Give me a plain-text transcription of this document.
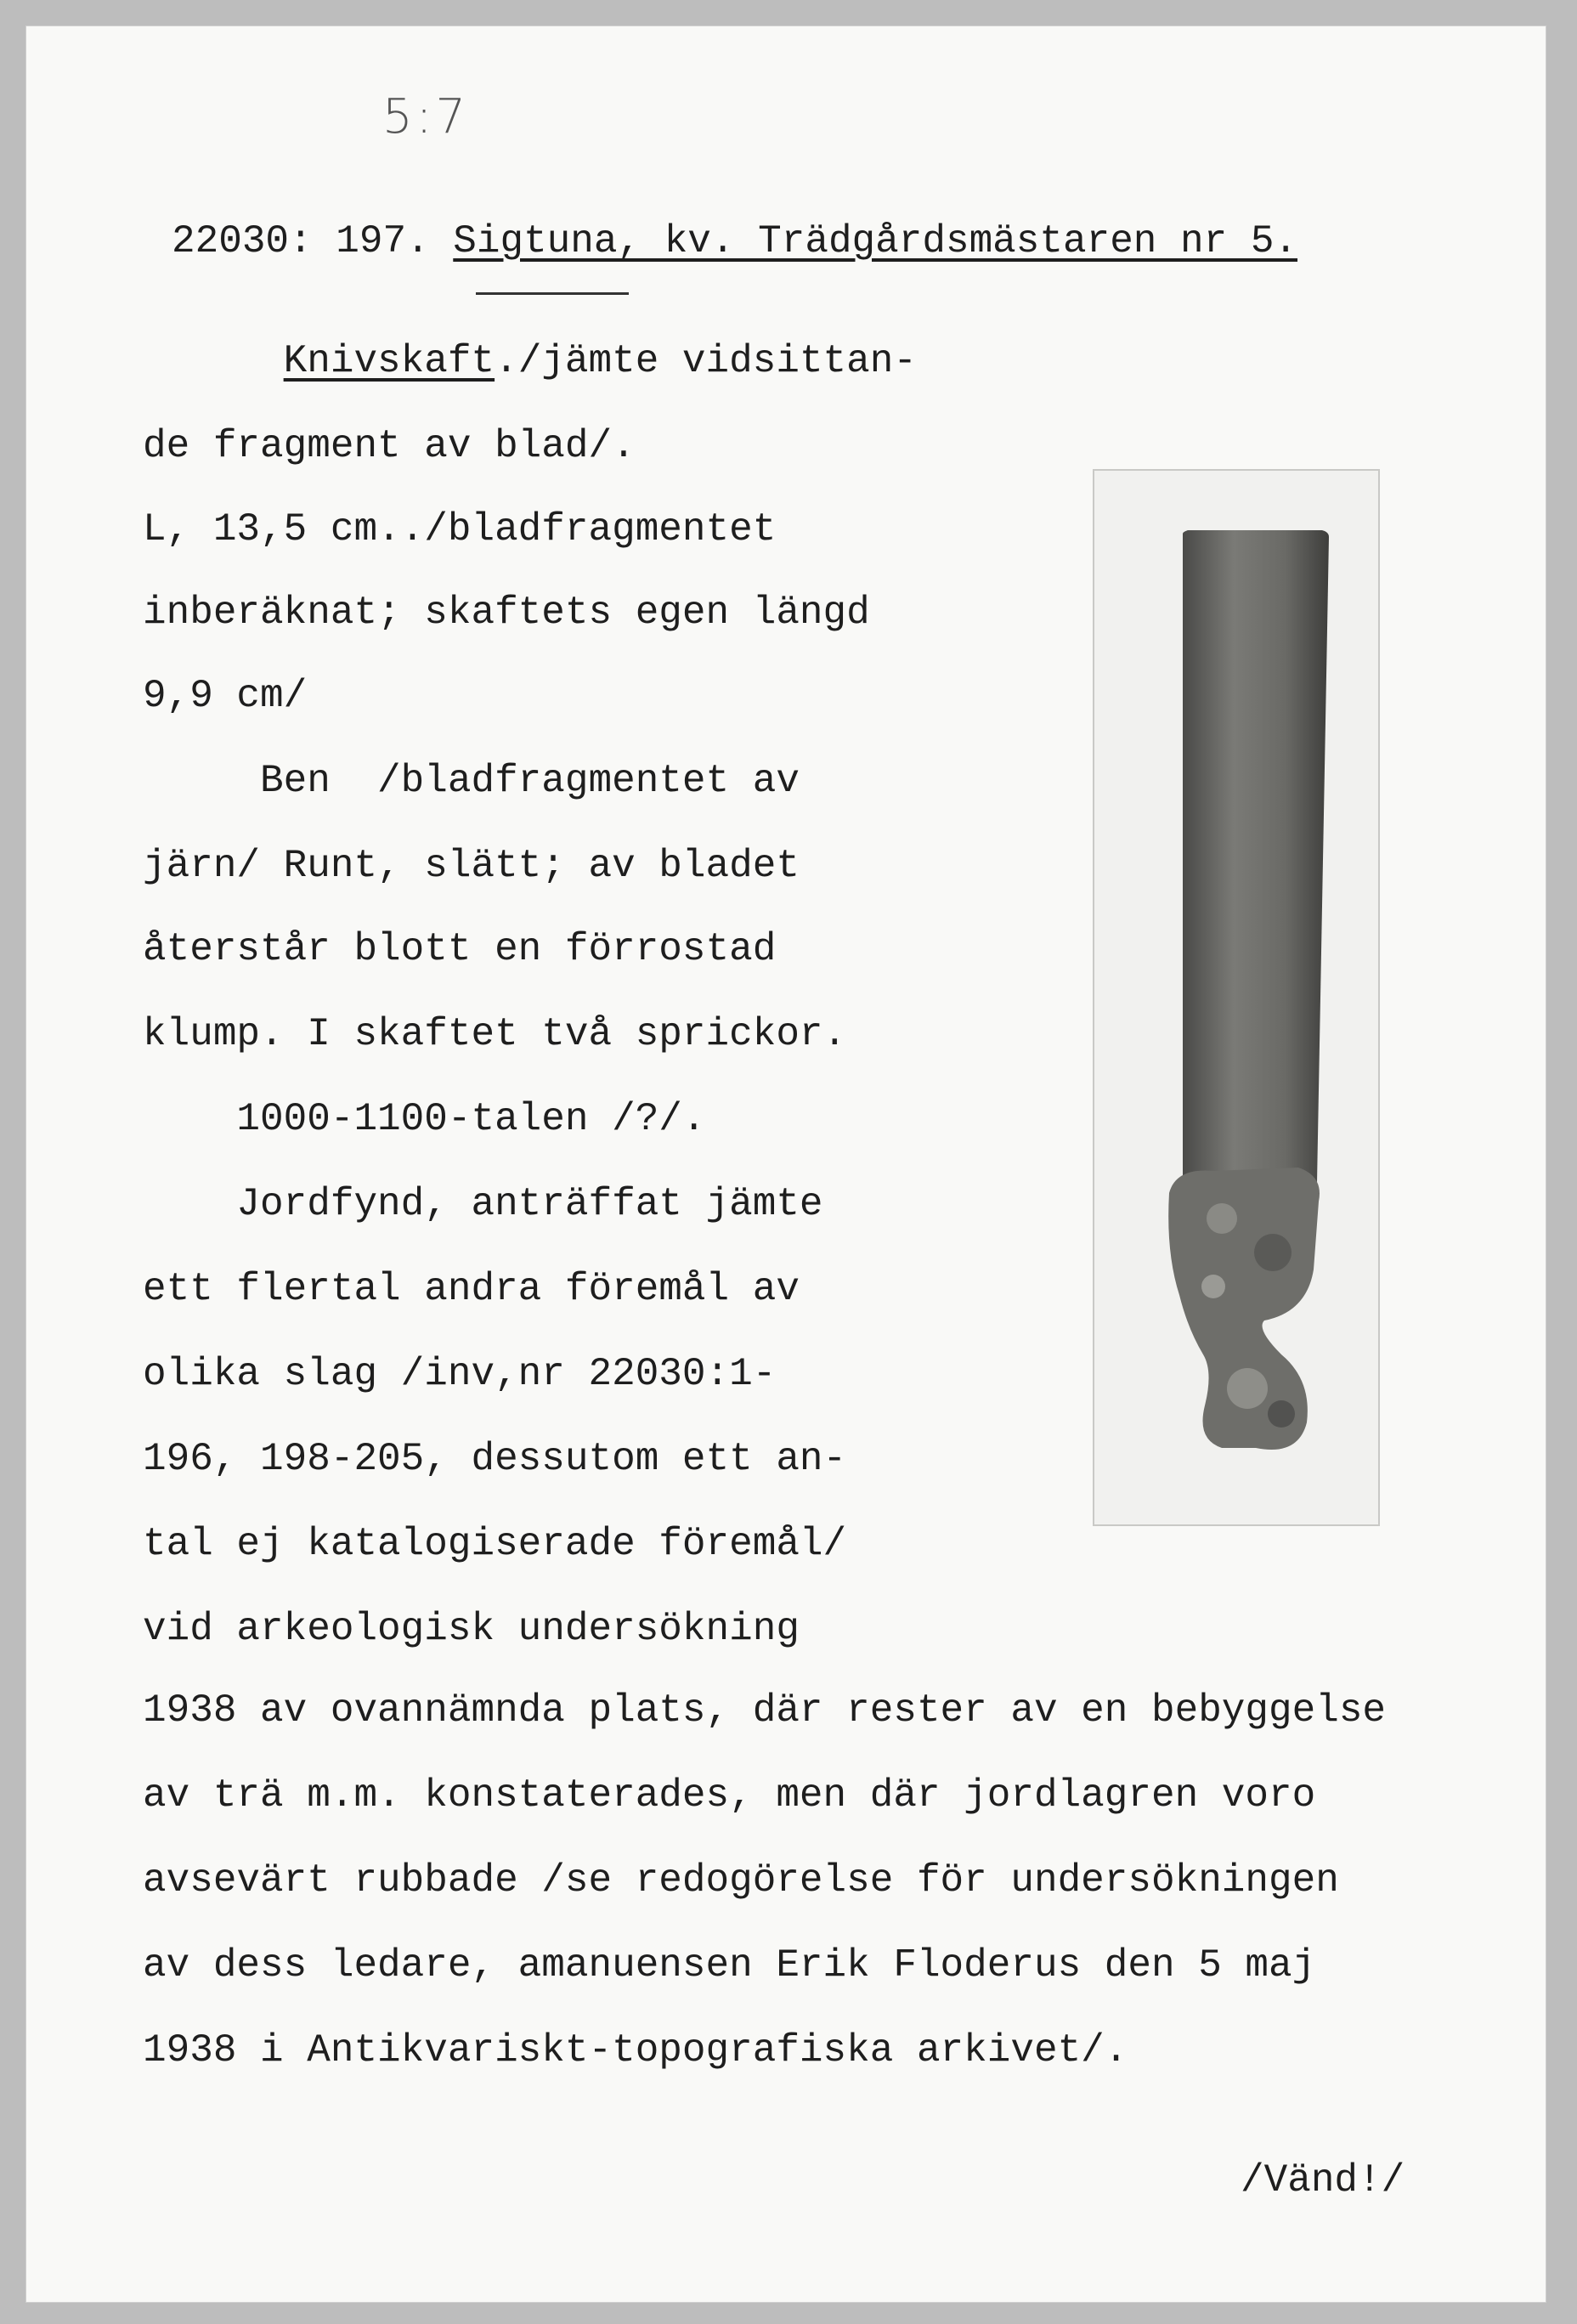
5:7
22030: 197. Sigtuna, kv. Trädgårdsmästaren nr 5.
Knivskaft./jämte vidsittan-
de fragment av blad/.
L, 13,5 cm../bladfragmentet
inberäknat; skaftets egen längd
9,9 cm/
Ben  /bladfragmentet av
järn/ Runt, slätt; av bladet
återstår blott en förrostad
klump. I skaftet två sprickor.
1000-1100-talen /?/.
Jordfynd, anträffat jämte
ett flertal andra föremål av
olika slag /inv,nr 22030:1-
196, 198-205, dessutom ett an-
tal ej katalogiserade föremål/
vid arkeologisk undersökning
1938 av ovannämnda plats, där rester av en bebyggelse
av trä m.m. konstaterades, men där jordlagren voro
avsevärt rubbade /se redogörelse för undersökningen
av dess ledare, amanuensen Erik Floderus den 5 maj
1938 i Antikvariskt-topografiska arkivet/.
/Vänd!/
